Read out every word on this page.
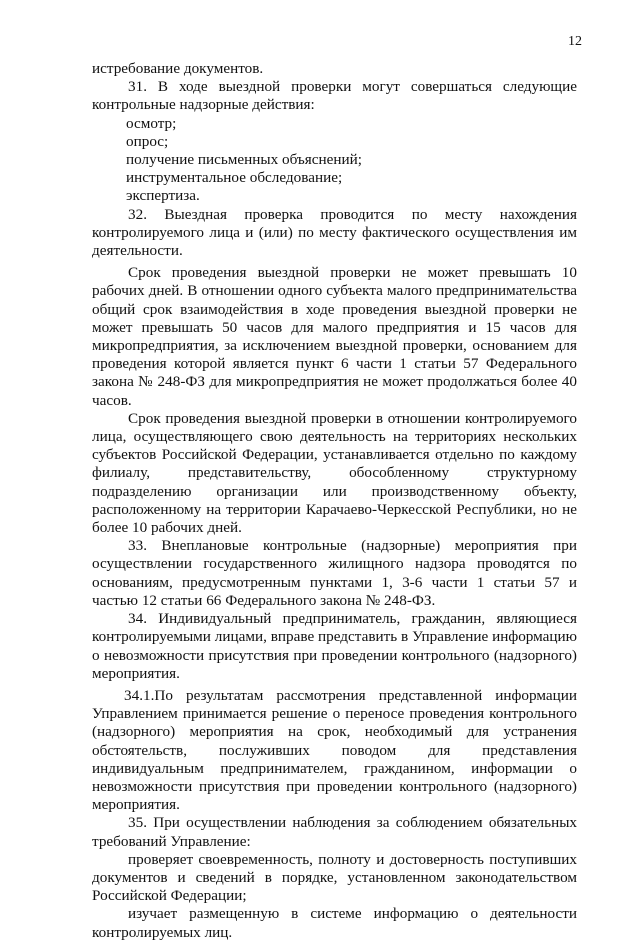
12

истребование документов.

31. В ходе выездной проверки могут совершаться следующие контрольные надзорные действия:

осмотр;

опрос;

получение письменных объяснений;

инструментальное обследование;

экспертиза.

32. Выездная проверка проводится по месту нахождения контролируемого лица и (или) по месту фактического осуществления им деятельности.

Срок проведения выездной проверки не может превышать 10 рабочих дней. В отношении одного субъекта малого предпринимательства общий срок взаимодействия в ходе проведения выездной проверки не может превышать 50 часов для малого предприятия и 15 часов для микропредприятия, за исключением выездной проверки, основанием для проведения которой является пункт 6 части 1 статьи 57 Федерального закона № 248-ФЗ для микропредприятия не может продолжаться более 40 часов.

Срок проведения выездной проверки в отношении контролируемого лица, осуществляющего свою деятельность на территориях нескольких субъектов Российской Федерации, устанавливается отдельно по каждому филиалу, представительству, обособленному структурному подразделению организации или производственному объекту, расположенному на территории Карачаево-Черкесской Республики, но не более 10 рабочих дней.

33. Внеплановые контрольные (надзорные) мероприятия при осуществлении государственного жилищного надзора проводятся по основаниям, предусмотренным пунктами 1, 3-6 части 1 статьи 57 и частью 12 статьи 66 Федерального закона № 248-ФЗ.

34. Индивидуальный предприниматель, гражданин, являющиеся контролируемыми лицами, вправе представить в Управление информацию о невозможности присутствия при проведении контрольного (надзорного) мероприятия.

34.1.По результатам рассмотрения представленной информации Управлением принимается решение о переносе проведения контрольного (надзорного) мероприятия на срок, необходимый для устранения обстоятельств, послуживших поводом для представления индивидуальным предпринимателем, гражданином, информации о невозможности присутствия при проведении контрольного (надзорного) мероприятия.

35. При осуществлении наблюдения за соблюдением обязательных требований Управление:

проверяет своевременность, полноту и достоверность поступивших документов и сведений в порядке, установленном законодательством Российской Федерации;

изучает размещенную в системе информацию о деятельности контролируемых лиц.
